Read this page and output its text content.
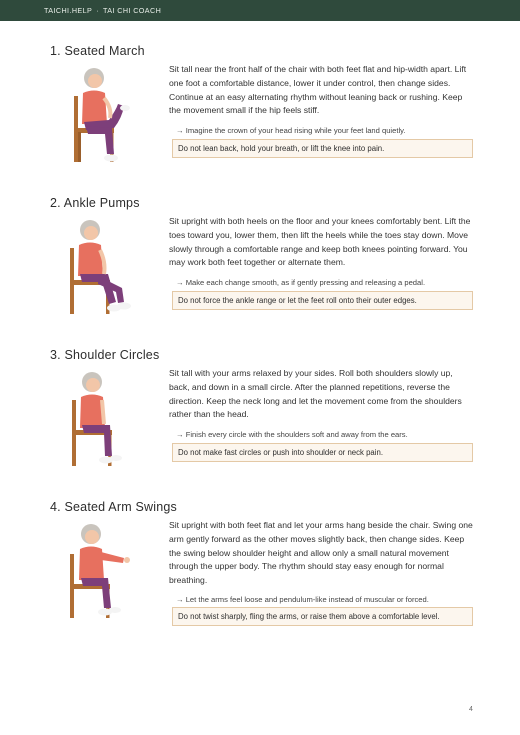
TAICHI.HELP · TAI CHI COACH
1. Seated March
Sit tall near the front half of the chair with both feet flat and hip-width apart. Lift one foot a comfortable distance, lower it under control, then change sides. Continue at an easy alternating rhythm without leaning back or rushing. Keep the movement small if the hip feels stiff.
→ Imagine the crown of your head rising while your feet land quietly.
Do not lean back, hold your breath, or lift the knee into pain.
2. Ankle Pumps
Sit upright with both heels on the floor and your knees comfortably bent. Lift the toes toward you, lower them, then lift the heels while the toes stay down. Move slowly through a comfortable range and keep both knees pointing forward. You may work both feet together or alternate them.
→ Make each change smooth, as if gently pressing and releasing a pedal.
Do not force the ankle range or let the feet roll onto their outer edges.
3. Shoulder Circles
Sit tall with your arms relaxed by your sides. Roll both shoulders slowly up, back, and down in a small circle. After the planned repetitions, reverse the direction. Keep the neck long and let the movement come from the shoulders rather than the head.
→ Finish every circle with the shoulders soft and away from the ears.
Do not make fast circles or push into shoulder or neck pain.
4. Seated Arm Swings
Sit upright with both feet flat and let your arms hang beside the chair. Swing one arm gently forward as the other moves slightly back, then change sides. Keep the swing below shoulder height and allow only a small natural movement through the upper body. The rhythm should stay easy enough for normal breathing.
→ Let the arms feel loose and pendulum-like instead of muscular or forced.
Do not twist sharply, fling the arms, or raise them above a comfortable level.
4
